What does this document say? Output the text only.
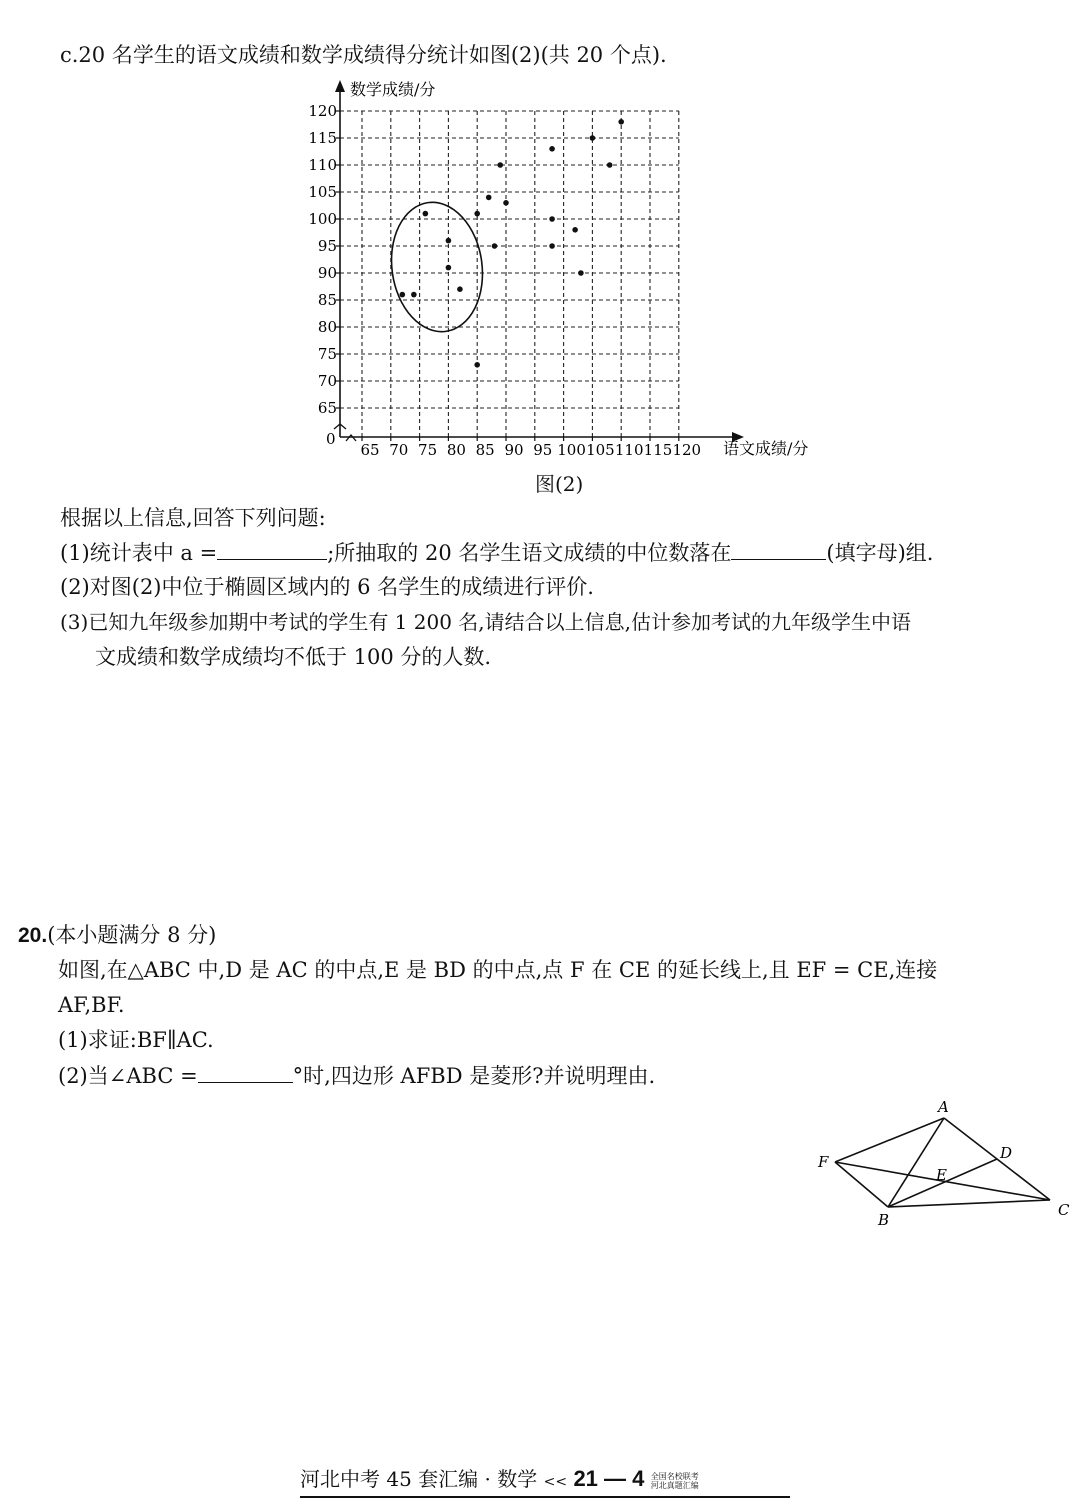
c.20 名学生的语文成绩和数学成绩得分统计如图(2)(共 20 个点).
65 70 75 80 85 90 95 100 105 110 115 120
65
70
75
80
85
90
95
100
105
110
115
120
数学成绩/分
语文成绩/分
0
图(2)
根据以上信息,回答下列问题:
(1)统计表中 a =	;所抽取的 20 名学生语文成绩的中位数落在	(填字母)组.
(2)对图(2)中位于椭圆区域内的 6 名学生的成绩进行评价.
(3)已知九年级参加期中考试的学生有 1 200 名,请结合以上信息,估计参加考试的九年级学生中语
文成绩和数学成绩均不低于 100 分的人数.
20.(本小题满分 8 分)
如图,在△ABC 中,D 是 AC 的中点,E 是 BD 的中点,点 F 在 CE 的延长线上,且 EF = CE,连接
AF,BF.
(1)求证:BF∥AC.
(2)当∠ABC =	°时,四边形 AFBD 是菱形?并说明理由.
A
F	D
E
B
C
河北中考 45 套汇编 · 数学 << 21 — 4 全国名校联考 河北真题汇编
